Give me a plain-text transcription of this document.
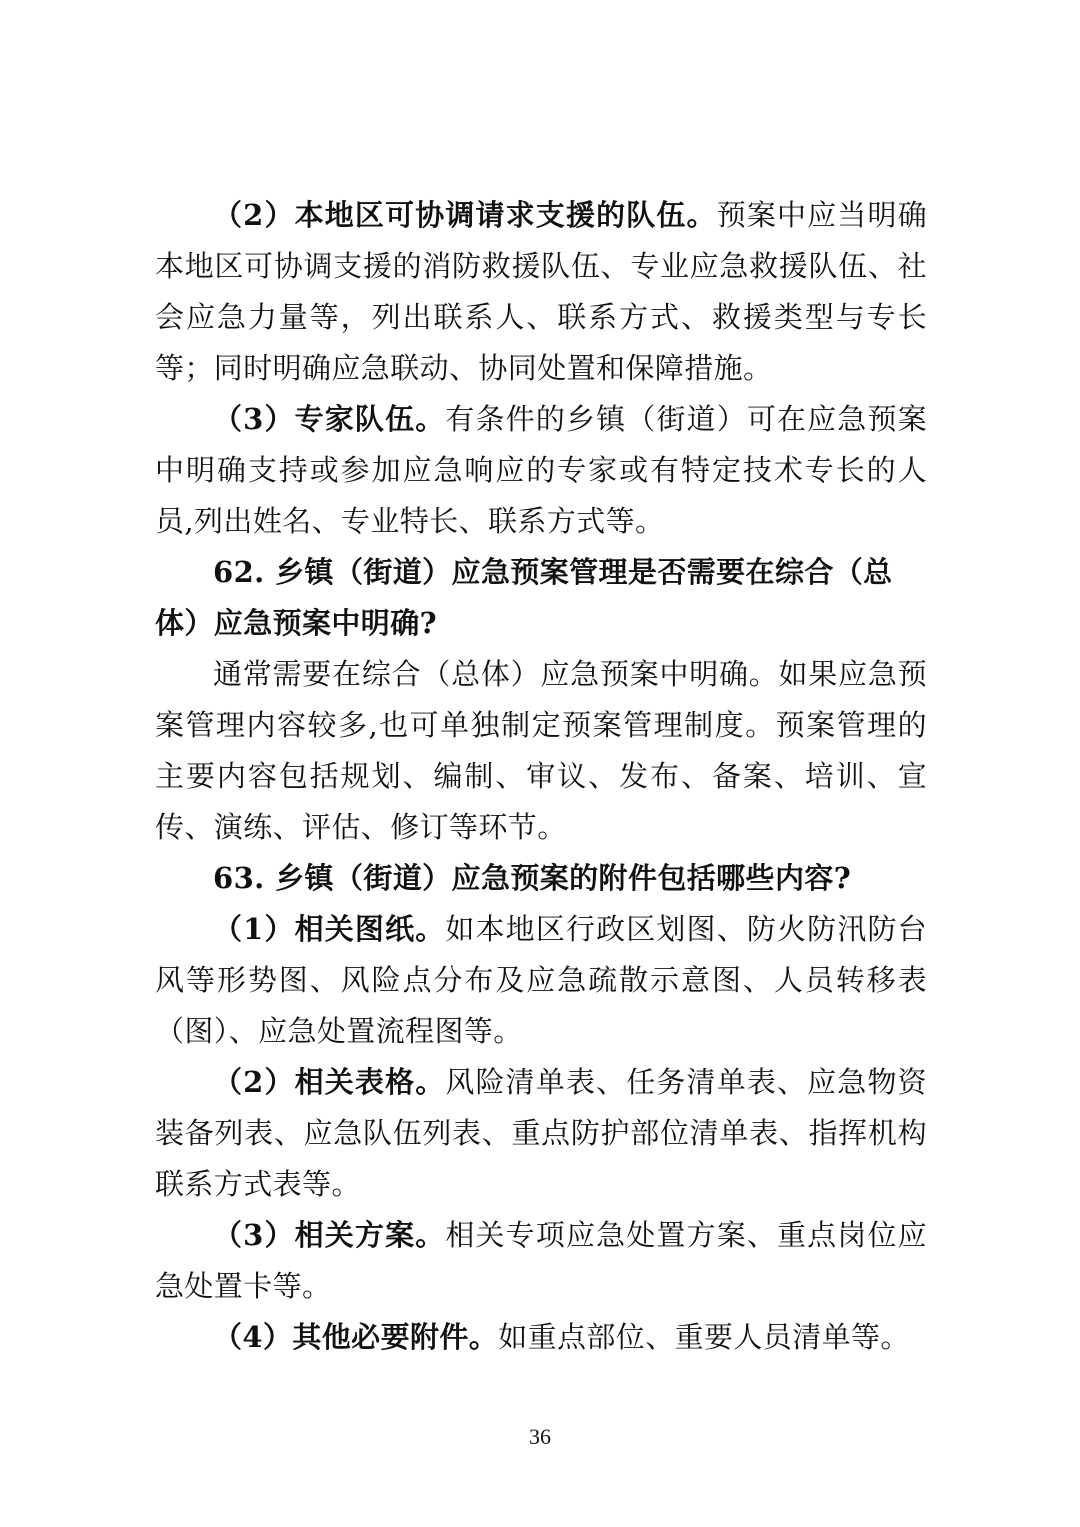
（2）本地区可协调请求支援的队伍。预案中应当明确本地区可协调支援的消防救援队伍、专业应急救援队伍、社会应急力量等，列出联系人、联系方式、救援类型与专长等；同时明确应急联动、协同处置和保障措施。

（3）专家队伍。有条件的乡镇（街道）可在应急预案中明确支持或参加应急响应的专家或有特定技术专长的人员,列出姓名、专业特长、联系方式等。

62. 乡镇（街道）应急预案管理是否需要在综合（总体）应急预案中明确?

通常需要在综合（总体）应急预案中明确。如果应急预案管理内容较多,也可单独制定预案管理制度。预案管理的主要内容包括规划、编制、审议、发布、备案、培训、宣传、演练、评估、修订等环节。

63. 乡镇（街道）应急预案的附件包括哪些内容?

（1）相关图纸。如本地区行政区划图、防火防汛防台风等形势图、风险点分布及应急疏散示意图、人员转移表（图）、应急处置流程图等。

（2）相关表格。风险清单表、任务清单表、应急物资装备列表、应急队伍列表、重点防护部位清单表、指挥机构联系方式表等。

（3）相关方案。相关专项应急处置方案、重点岗位应急处置卡等。

（4）其他必要附件。如重点部位、重要人员清单等。

36
